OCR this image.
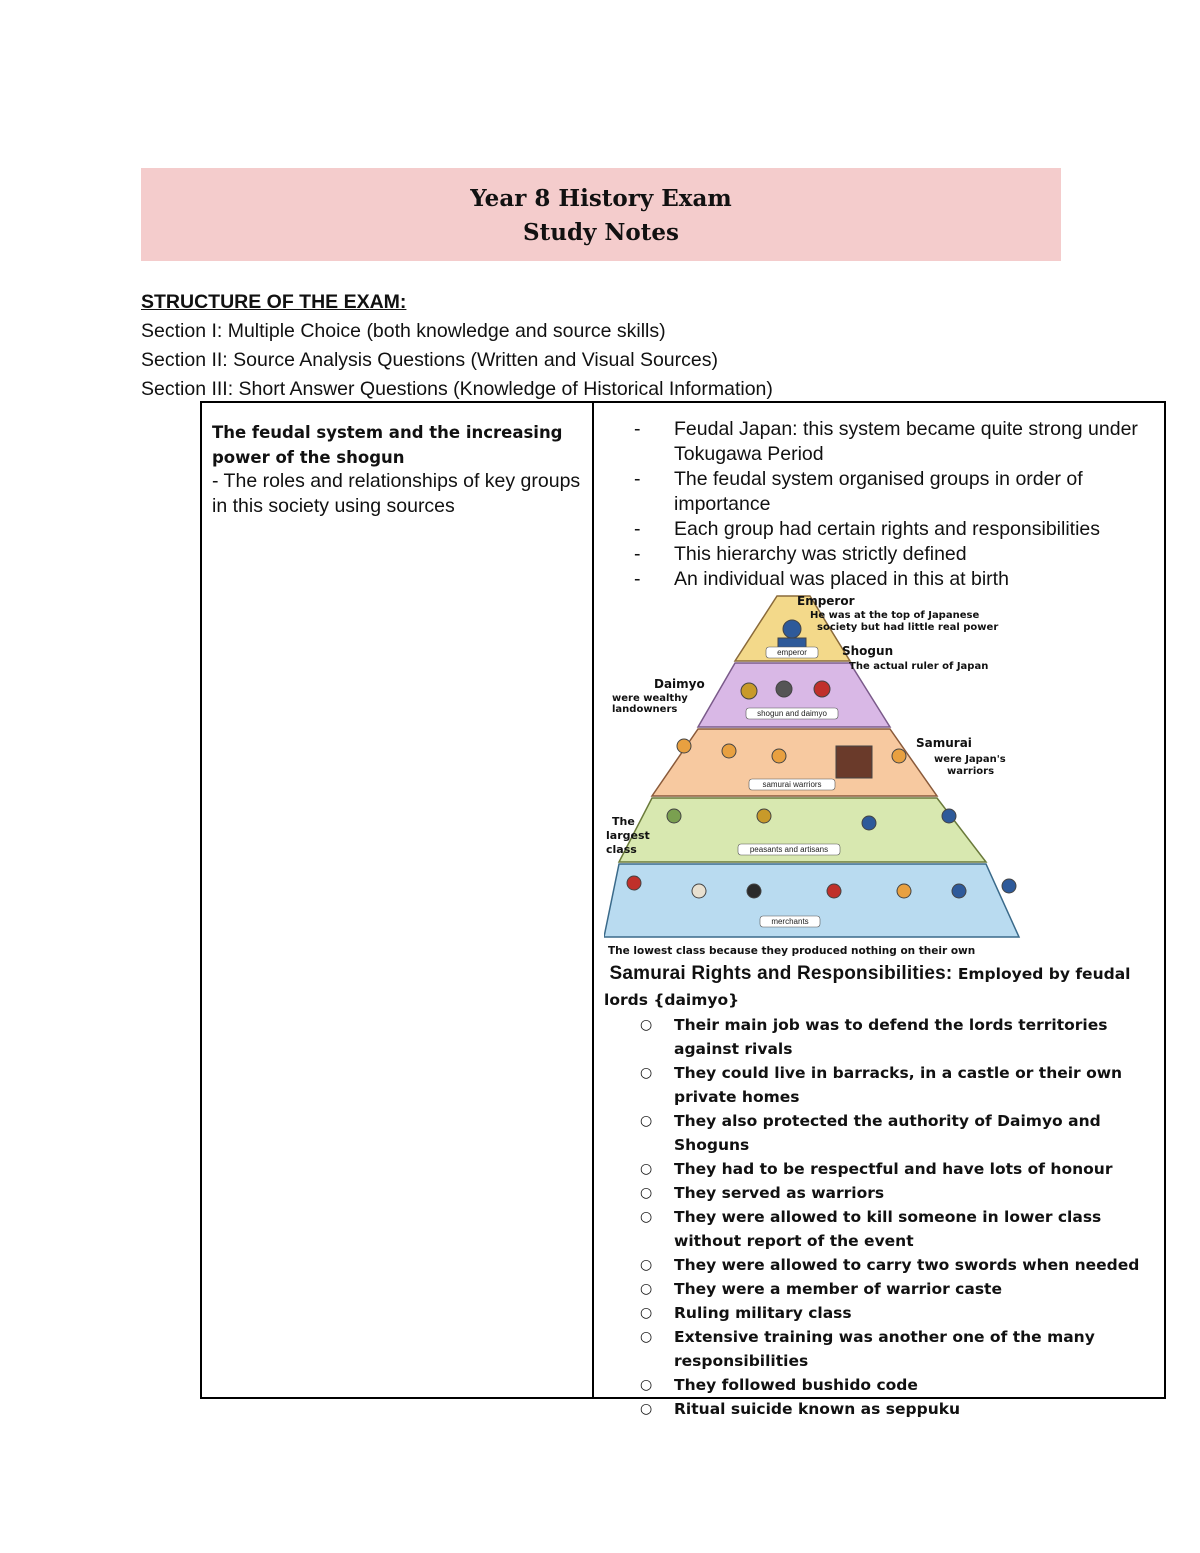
Year 8 History Exam
Study Notes
STRUCTURE OF THE EXAM:
Section I: Multiple Choice (both knowledge and source skills)
Section II: Source Analysis Questions (Written and Visual Sources)
Section III: Short Answer Questions (Knowledge of Historical Information)
The feudal system and the increasing power of the shogun
- The roles and relationships of key groups in this society using sources
- Feudal Japan: this system became quite strong under Tokugawa Period
- The feudal system organised groups in order of importance
- Each group had certain rights and responsibilities
- This hierarchy was strictly defined
- An individual was placed in this at birth
emperor
shogun and daimyo
samurai warriors
peasants and artisans
merchants
Emperor
He was at the top of Japanese
society but had little real power
Shogun
The actual ruler of Japan
Daimyo
were wealthy
landowners
Samurai
were Japan's
warriors
The
largest
class
The lowest class because they produced nothing on their own
Samurai Rights and Responsibilities: Employed by feudal lords {daimyo}
○ Their main job was to defend the lords territories against rivals
○ They could live in barracks, in a castle or their own private homes
○ They also protected the authority of Daimyo and Shoguns
○ They had to be respectful and have lots of honour
○ They served as warriors
○ They were allowed to kill someone in lower class without report of the event
○ They were allowed to carry two swords when needed
○ They were a member of warrior caste
○ Ruling military class
○ Extensive training was another one of the many responsibilities
○ They followed bushido code
○ Ritual suicide known as seppuku
